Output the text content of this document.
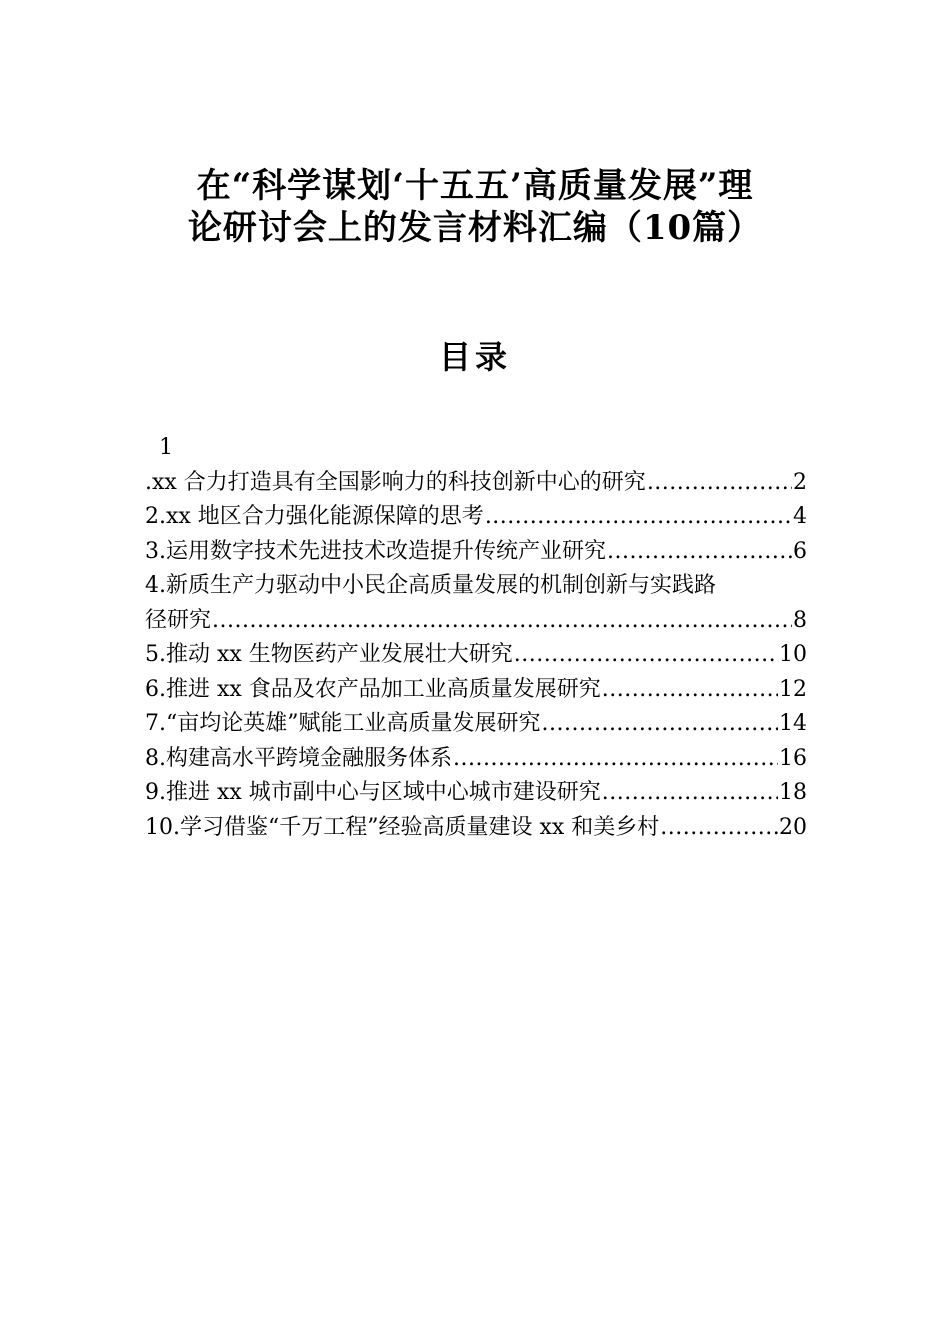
在“科学谋划‘十五五’高质量发展”理
论研讨会上的发言材料汇编（10篇）
目录
1
.xx 合力打造具有全国影响力的科技创新中心的研究 .....	2
2.xx 地区合力强化能源保障的思考 .....	4
3.运用数字技术先进技术改造提升传统产业研究 .....	6
4.新质生产力驱动中小民企高质量发展的机制创新与实践路
径研究 .....	8
5.推动 xx 生物医药产业发展壮大研究 .....	10
6.推进 xx 食品及农产品加工业高质量发展研究 .....	12
7.“亩均论英雄”赋能工业高质量发展研究 .....	14
8.构建高水平跨境金融服务体系 .....	16
9.推进 xx 城市副中心与区域中心城市建设研究 .....	18
10.学习借鉴“千万工程”经验高质量建设 xx 和美乡村 .....	20
